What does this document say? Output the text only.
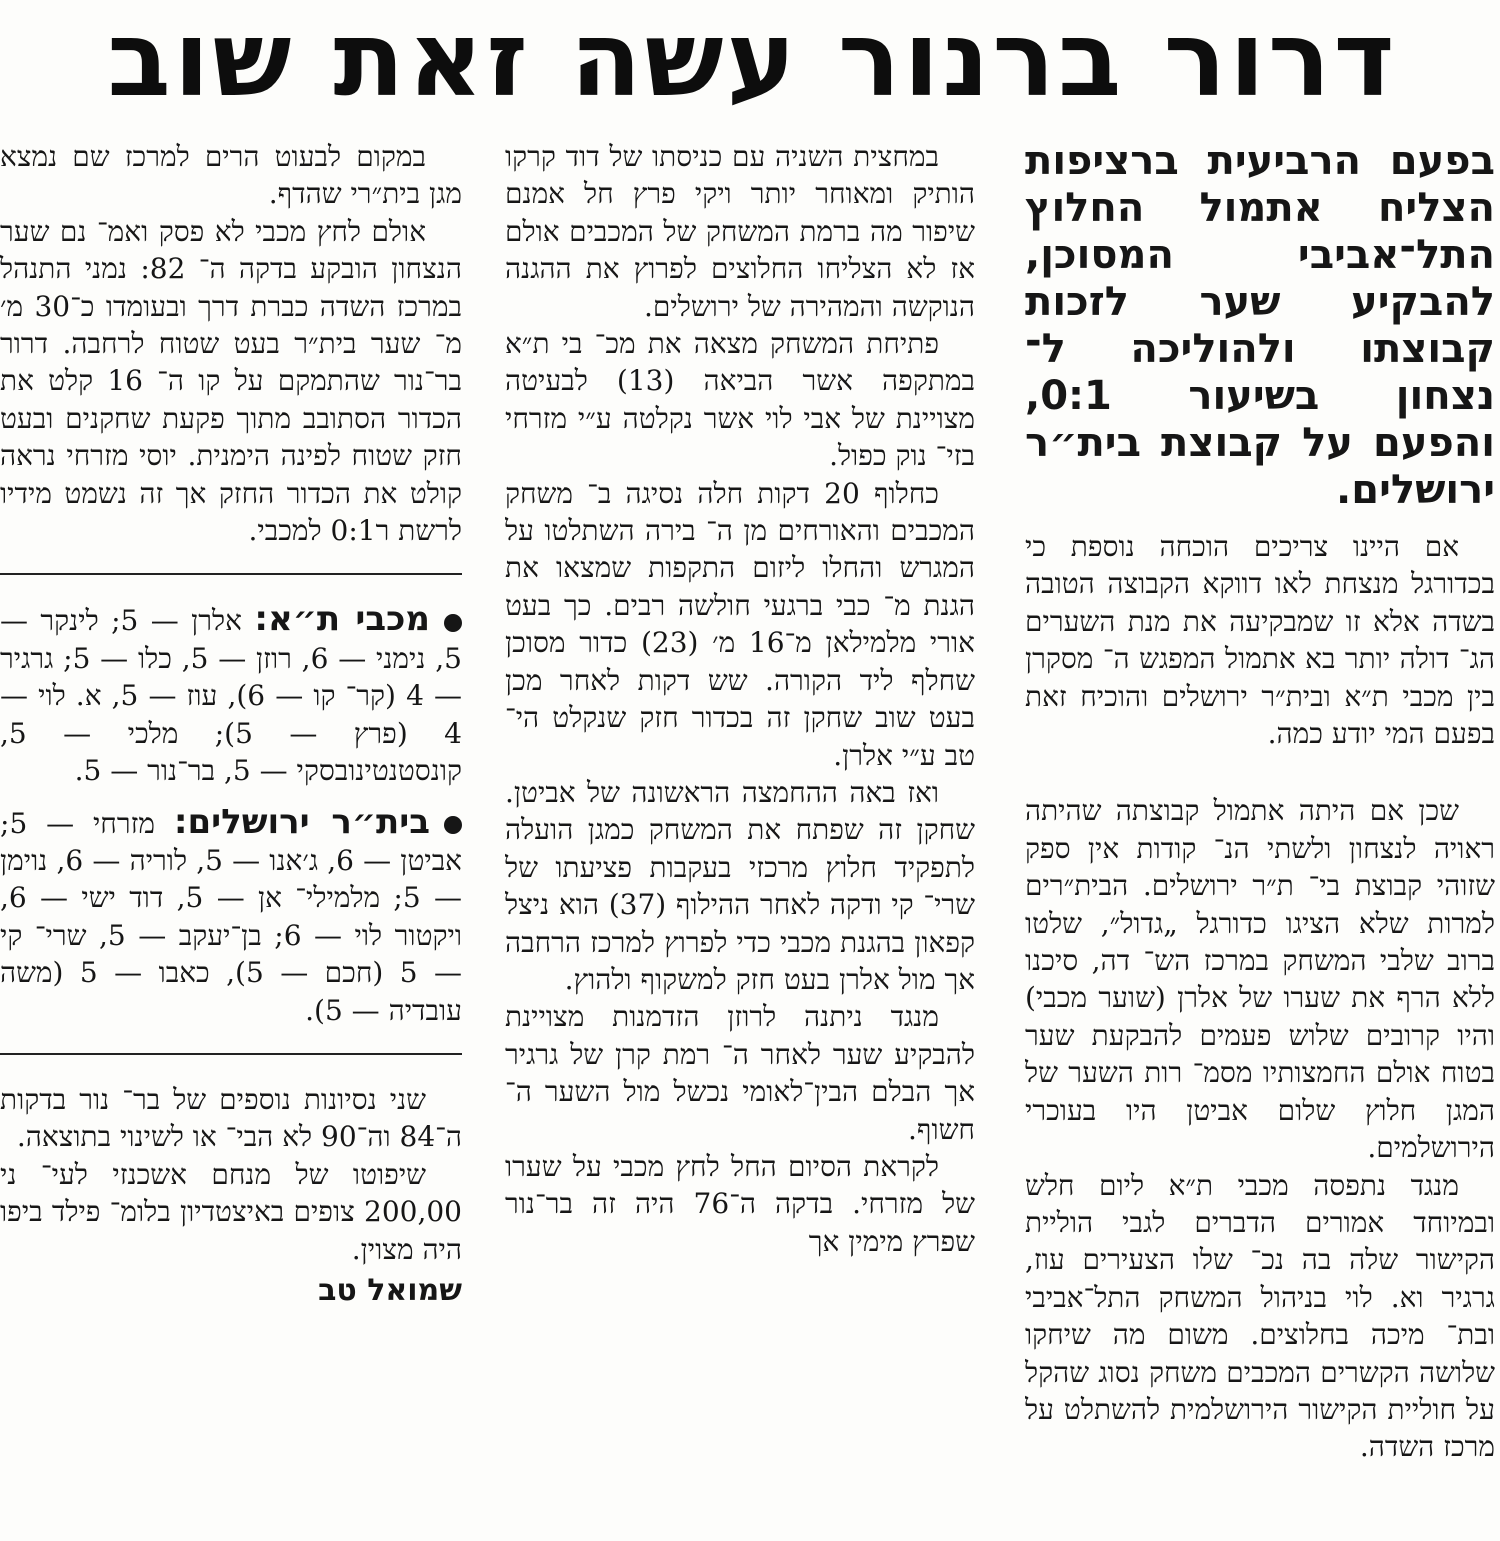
דרור ברנור עשה זאת שוב

בפעם הרביעית ברציפות הצליח אתמול החלוץ התל־אביבי המסוכן, להבקיע שער לזכות קבוצתו ולהוליכה ל־ נצחון בשיעור 0:1, והפעם על קבוצת בית״ר ירושלים.

אם היינו צריכים הוכחה נוספת כי בכדורגל מנצחת לאו דווקא הקבוצה הטובה בשדה אלא זו שמבקיעה את מנת השערים הג־ דולה יותר בא אתמול המפגש ה־ מסקרן בין מכבי ת״א ובית״ר ירושלים והוכיח זאת בפעם המי יודע כמה.

שכן אם היתה אתמול קבוצתה שהיתה ראויה לנצחון ולשתי הנ־ קודות אין ספק שזוהי קבוצת בי־ ת״ר ירושלים. הבית״רים למרות שלא הציגו כדורגל „גדול״, שלטו ברוב שלבי המשחק במרכז הש־ דה, סיכנו ללא הרף את שערו של אלרן (שוער מכבי) והיו קרובים שלוש פעמים להבקעת שער בטוח אולם החמצותיו מסמ־ רות השער של המגן חלוץ שלום אביטן היו בעוכרי הירושלמים.

מנגד נתפסה מכבי ת״א ליום חלש ובמיוחד אמורים הדברים לגבי הוליית הקישור שלה בה נכ־ שלו הצעירים עוז, גרגיר וא. לוי בניהול המשחק התל־אביבי ובת־ מיכה בחלוצים. משום מה שיחקו שלושה הקשרים המכבים משחק נסוג שהקל על חוליית הקישור הירושלמית להשתלט על מרכז השדה.

במחצית השניה עם כניסתו של דוד קרקו הותיק ומאוחר יותר ויקי פרץ חל אמנם שיפור מה ברמת המשחק של המכבים אולם אז לא הצליחו החלוצים לפרוץ את ההגנה הנוקשה והמהירה של ירושלים.

פתיחת המשחק מצאה את מכ־ בי ת״א במתקפה אשר הביאה (13) לבעיטה מצויינת של אבי לוי אשר נקלטה ע״י מזרחי בזי־ נוק כפול.

כחלוף 20 דקות חלה נסיגה ב־ משחק המכבים והאורחים מן ה־ בירה השתלטו על המגרש והחלו ליזום התקפות שמצאו את הגנת מ־ כבי ברגעי חולשה רבים. כך בעט אורי מלמילאן מ־16 מ׳ (23) כדור מסוכן שחלף ליד הקורה. שש דקות לאחר מכן בעט שוב שחקן זה בכדור חזק שנקלט הי־ טב ע״י אלרן.

ואז באה ההחמצה הראשונה של אביטן. שחקן זה שפתח את המשחק כמגן הועלה לתפקיד חלוץ מרכזי בעקבות פציעתו של שרי־ קי ודקה לאחר ההילוף (37) הוא ניצל קפאון בהגנת מכבי כדי לפרוץ למרכז הרחבה אך מול אלרן בעט חזק למשקוף ולהוץ.

מנגד ניתנה לרוזן הזדמנות מצויינת להבקיע שער לאחר ה־ רמת קרן של גרגיר אך הבלם הבין־לאומי נכשל מול השער ה־ חשוף.

לקראת הסיום החל לחץ מכבי על שערו של מזרחי. בדקה ה־76 היה זה בר־נור שפרץ מימין אך

במקום לבעוט הרים למרכז שם נמצא מגן בית״רי שהדף.

אולם לחץ מכבי לא פסק ואמ־ נם שער הנצחון הובקע בדקה ה־ 82: נמני התנהל במרכז השדה כברת דרך ובעומדו כ־30 מ׳ מ־ שער בית״ר בעט שטוח לרחבה. דרור בר־נור שהתמקם על קו ה־ 16 קלט את הכדור הסתובב מתוך פקעת שחקנים ובעט חזק שטוח לפינה הימנית. יוסי מזרחי נראה קולט את הכדור החזק אך זה נשמט מידיו לרשת ר0:1 למכבי.

מכבי ת״א: אלרן — 5; לינקר — 5, נימני — 6, רוזן — 5, כלו — 5; גרגיר — 4 (קר־ קו — 6), עוז — 5, א. לוי — 4 (פרץ — 5); מלכי — 5, קונסטנטינובסקי — 5, בר־נור — 5.

בית״ר ירושלים: מזרחי — 5; אביטן — 6, ג׳אנו — 5, לוריה — 6, נוימן — 5; מלמילי־ אן — 5, דוד ישי — 6, ויקטור לוי — 6; בן־יעקב — 5, שרי־ קי — 5 (חכם — 5), כאבו — 5 (משה עובדיה — 5).

שני נסיונות נוספים של בר־ נור בדקות ה־84 וה־90 לא הבי־ או לשינוי בתוצאה.

שיפוטו של מנחם אשכנזי לעי־ ני 200,00 צופים באיצטדיון בלומ־ פילד ביפו היה מצוין.

שמואל טב
